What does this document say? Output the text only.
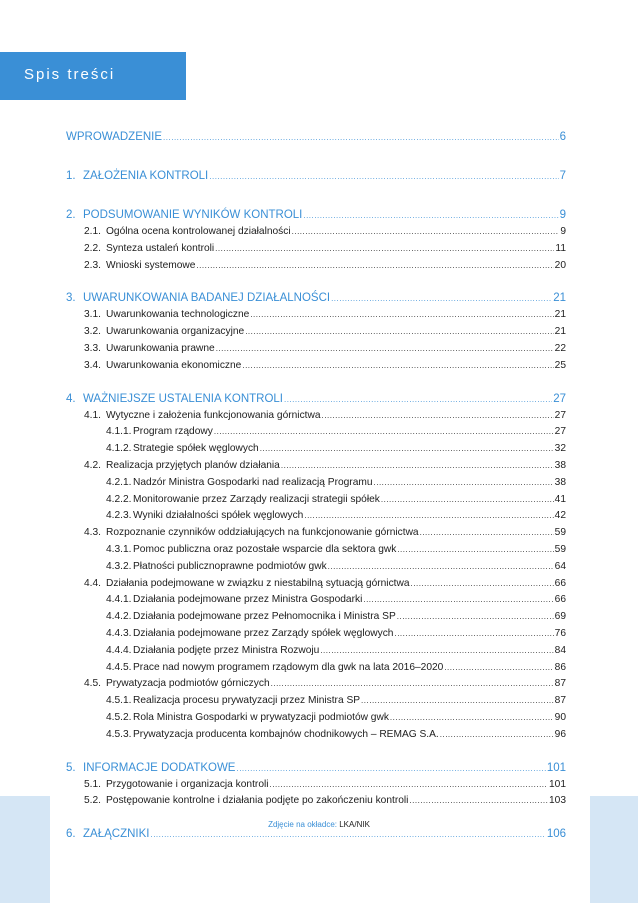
Spis treści
WPROWADZENIE .....	6
1. ZAŁOŻENIA KONTROLI .....	7
2. PODSUMOWANIE WYNIKÓW KONTROLI .....	9
2.1. Ogólna ocena kontrolowanej działalności .....	9
2.2. Synteza ustaleń kontroli .....	11
2.3. Wnioski systemowe .....	20
3. UWARUNKOWANIA BADANEJ DZIAŁALNOŚCI .....	21
3.1. Uwarunkowania technologiczne .....	21
3.2. Uwarunkowania organizacyjne .....	21
3.3. Uwarunkowania prawne .....	22
3.4. Uwarunkowania ekonomiczne .....	25
4. WAŻNIEJSZE USTALENIA KONTROLI .....	27
4.1. Wytyczne i założenia funkcjonowania górnictwa .....	27
4.1.1. Program rządowy .....	27
4.1.2. Strategie spółek węglowych .....	32
4.2. Realizacja przyjętych planów działania .....	38
4.2.1. Nadzór Ministra Gospodarki nad realizacją Programu .....	38
4.2.2. Monitorowanie przez Zarządy realizacji strategii spółek .....	41
4.2.3. Wyniki działalności spółek węglowych .....	42
4.3. Rozpoznanie czynników oddziałujących na funkcjonowanie górnictwa .....	59
4.3.1. Pomoc publiczna oraz pozostałe wsparcie dla sektora gwk .....	59
4.3.2. Płatności publicznoprawne podmiotów gwk .....	64
4.4. Działania podejmowane w związku z niestabilną sytuacją górnictwa .....	66
4.4.1. Działania podejmowane przez Ministra Gospodarki .....	66
4.4.2. Działania podejmowane przez Pełnomocnika i Ministra SP .....	69
4.4.3. Działania podejmowane przez Zarządy spółek węglowych .....	76
4.4.4. Działania podjęte przez Ministra Rozwoju .....	84
4.4.5. Prace nad nowym programem rządowym dla gwk na lata 2016–2020 .....	86
4.5. Prywatyzacja podmiotów górniczych .....	87
4.5.1. Realizacja procesu prywatyzacji przez Ministra SP .....	87
4.5.2. Rola Ministra Gospodarki w prywatyzacji podmiotów gwk .....	90
4.5.3. Prywatyzacja producenta kombajnów chodnikowych – REMAG S.A. .....	96
5. INFORMACJE DODATKOWE .....	101
5.1. Przygotowanie i organizacja kontroli .....	101
5.2. Postępowanie kontrolne i działania podjęte po zakończeniu kontroli .....	103
6. ZAŁĄCZNIKI .....	106
Zdjęcie na okładce: LKA/NIK
